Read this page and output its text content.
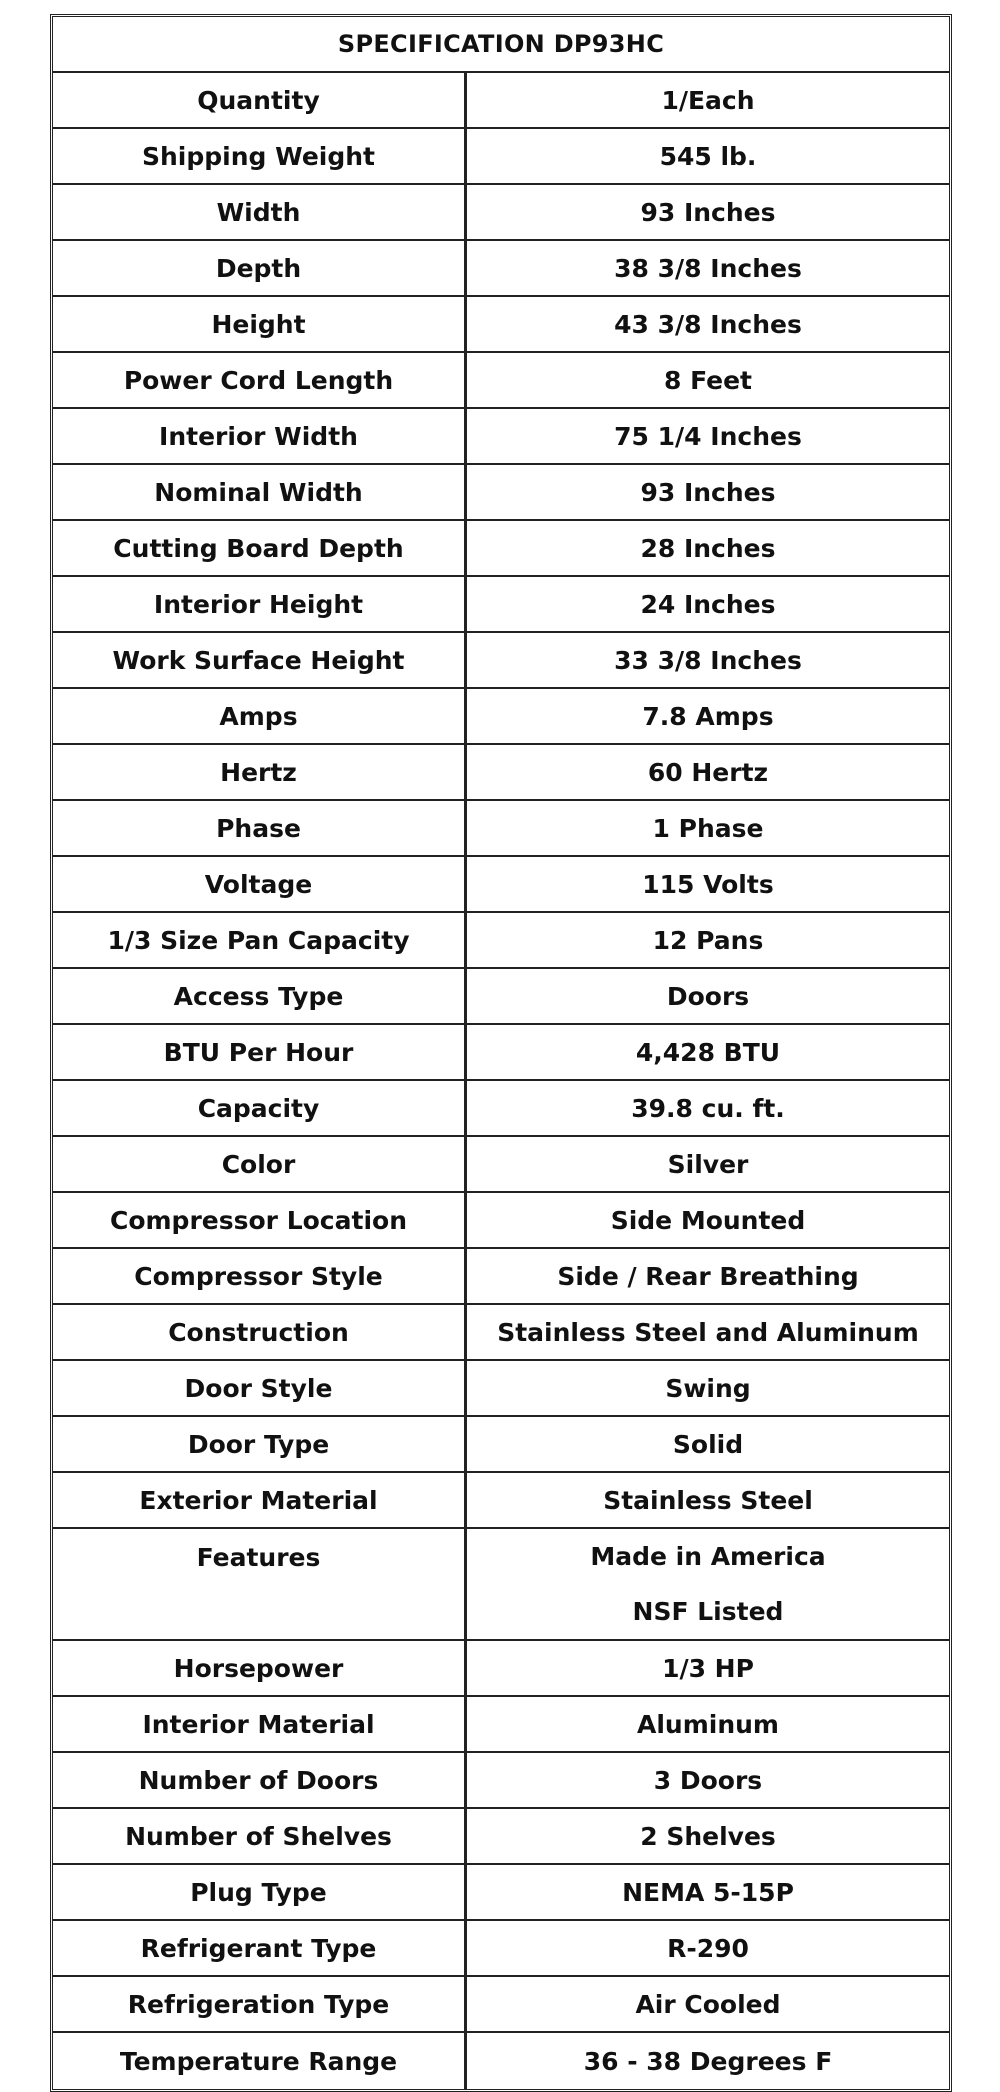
SPECIFICATION DP93HC
Quantity	1/Each
Shipping Weight	545 lb.
Width	93 Inches
Depth	38 3/8 Inches
Height	43 3/8 Inches
Power Cord Length	8 Feet
Interior Width	75 1/4 Inches
Nominal Width	93 Inches
Cutting Board Depth	28 Inches
Interior Height	24 Inches
Work Surface Height	33 3/8 Inches
Amps	7.8 Amps
Hertz	60 Hertz
Phase	1 Phase
Voltage	115 Volts
1/3 Size Pan Capacity	12 Pans
Access Type	Doors
BTU Per Hour	4,428 BTU
Capacity	39.8 cu. ft.
Color	Silver
Compressor Location	Side Mounted
Compressor Style	Side / Rear Breathing
Construction	Stainless Steel and Aluminum
Door Style	Swing
Door Type	Solid
Exterior Material	Stainless Steel
Features	Made in America
NSF Listed
Horsepower	1/3 HP
Interior Material	Aluminum
Number of Doors	3 Doors
Number of Shelves	2 Shelves
Plug Type	NEMA 5-15P
Refrigerant Type	R-290
Refrigeration Type	Air Cooled
Temperature Range	36 - 38 Degrees F
